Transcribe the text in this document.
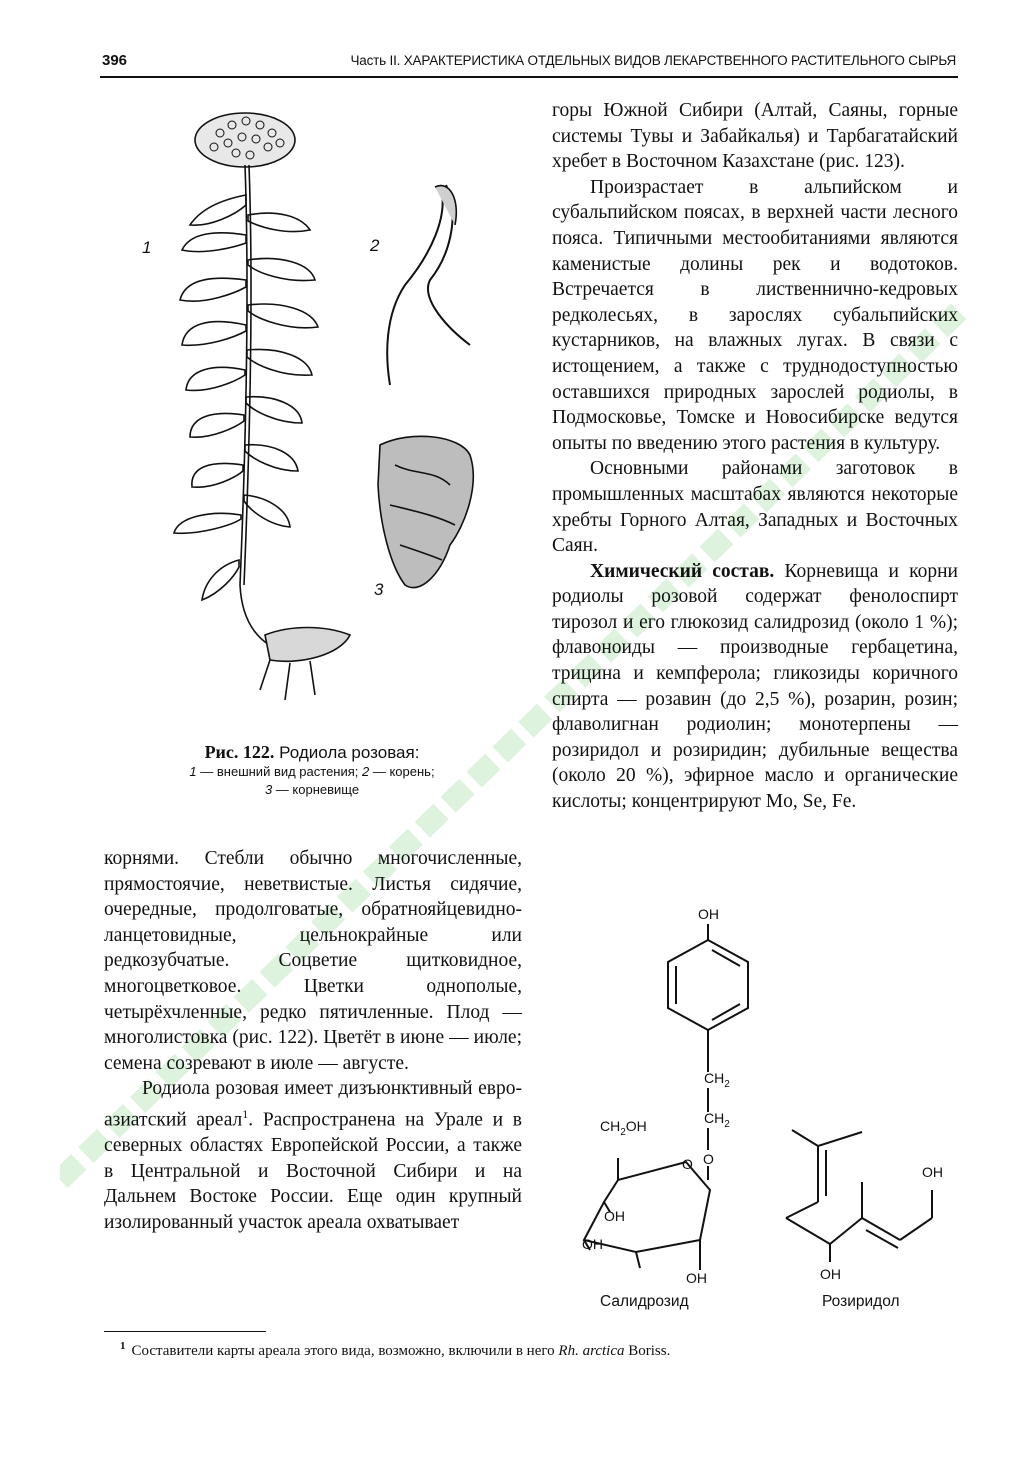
396	Часть II. ХАРАКТЕРИСТИКА ОТДЕЛЬНЫХ ВИДОВ ЛЕКАРСТВЕННОГО РАСТИТЕЛЬНОГО СЫРЬЯ
1	2
3
Рис. 122. Родиола розовая:
1 — внешний вид растения; 2 — корень;
3 — корневище

горы Южной Сибири (Алтай, Саяны, горные системы Тувы и Забайкалья) и Тарбагатайский хребет в Восточном Казахстане (рис. 123).

Произрастает в альпийском и субальпийском поясах, в верхней части лесного пояса. Типичными местообитаниями являются каменистые долины рек и водотоков. Встречается в лиственнично-кедровых редколесьях, в зарослях субальпийских кустарников, на влажных лугах. В связи с истощением, а также с труднодоступностью оставшихся природных зарослей родиолы, в Подмосковье, Томске и Новосибирске ведутся опыты по введению этого растения в культуру.

Основными районами заготовок в промышленных масштабах являются некоторые хребты Горного Алтая, Западных и Восточных Саян.

Химический состав. Корневища и корни родиолы розовой содержат фенолоспирт тирозол и его глюкозид салидрозид (около 1 %); флавоноиды — производные гербацетина, трицина и кемпферола; гликозиды коричного спирта — розавин (до 2,5 %), розарин, розин; флаволигнан родиолин; монотерпены — розиридол и розиридин; дубильные вещества (около 20 %), эфирное масло и органические кислоты; концентрируют Mo, Se, Fe.

корнями. Стебли обычно многочисленные, прямостоячие, неветвистые. Листья сидячие, очередные, продолговатые, обратнояйцевидно-ланцетовидные, цельнокрайные или редкозубчатые. Соцветие щитковидное, многоцветковое. Цветки однополые, четырёхчленные, редко пятичленные. Плод — многолистовка (рис. 122). Цветёт в июне — июле; семена созревают в июле — августе.

Родиола розовая имеет дизъюнктивный евро-азиатский ареал$^1$. Распространена на Урале и в северных областях Европейской России, а также в Центральной и Восточной Сибири и на Дальнем Востоке России. Еще один крупный изолированный участок ареала охватывает

OH
$CH_2$
$CH_2$
O
$CH_2OH$
O
OH
OH
OH
OH
OH
Салидрозид	Розиридол
$^1$ Составители карты ареала этого вида, возможно, включили в него Rh. arctica Boriss.
